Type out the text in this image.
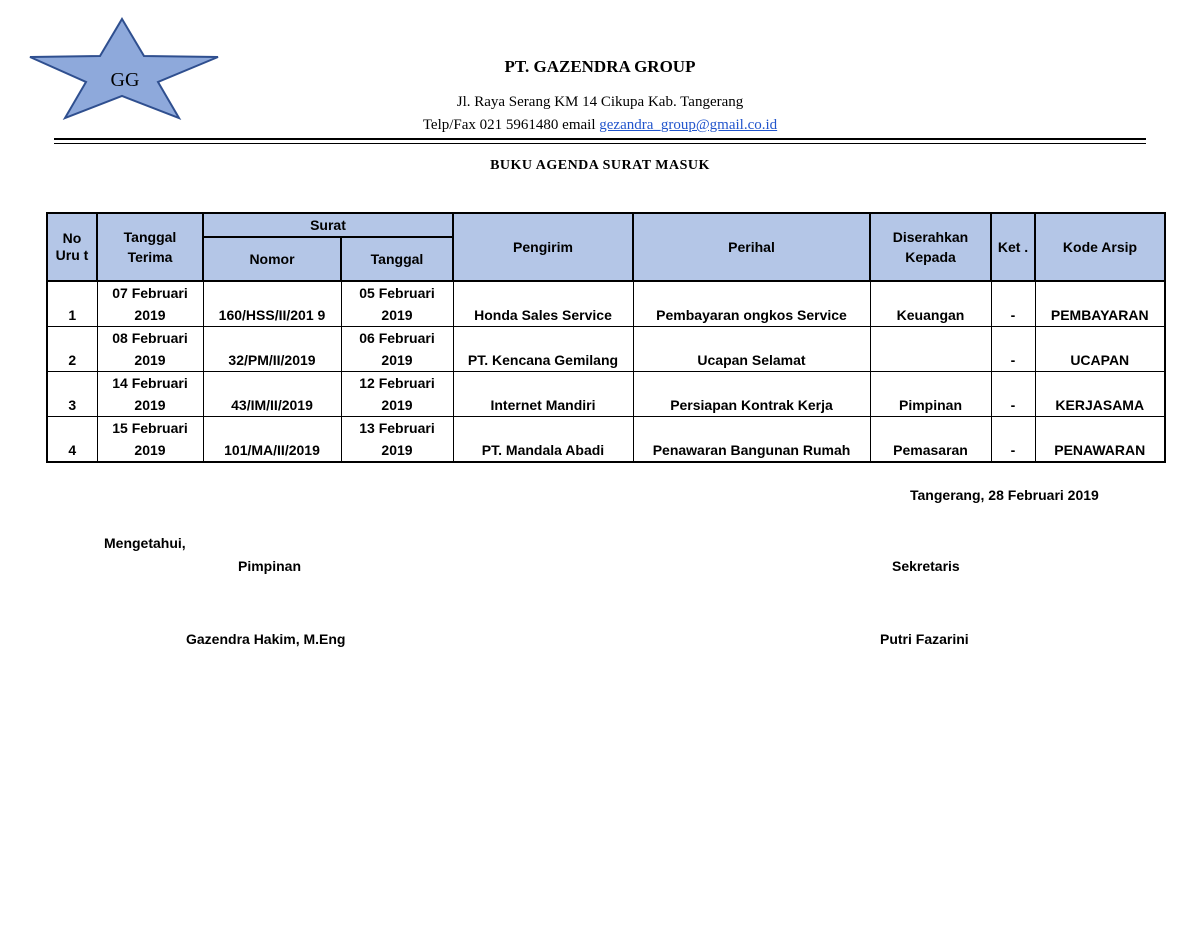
GG
PT. GAZENDRA GROUP
Jl. Raya Serang KM 14 Cikupa Kab. Tangerang
Telp/Fax 021 5961480 email gezandra_group@gmail.co.id
BUKU AGENDA SURAT MASUK
No Uru t	Tanggal Terima	Surat		Pengirim	Perihal	Diserahkan Kepada	Ket .	Kode Arsip
		Nomor	Tanggal					
1	07 Februari 2019	160/HSS/II/201 9	05 Februari 2019	Honda Sales Service	Pembayaran ongkos Service	Keuangan	-	PEMBAYARAN
2	08 Februari 2019	32/PM/II/2019	06 Februari 2019	PT. Kencana Gemilang	Ucapan Selamat		-	UCAPAN
3	14 Februari 2019	43/IM/II/2019	12 Februari 2019	Internet Mandiri	Persiapan Kontrak Kerja	Pimpinan	-	KERJASAMA
4	15 Februari 2019	101/MA/II/2019	13 Februari 2019	PT. Mandala Abadi	Penawaran Bangunan Rumah	Pemasaran	-	PENAWARAN
Tangerang, 28 Februari 2019
Mengetahui,
Pimpinan	Sekretaris
Gazendra Hakim, M.Eng	Putri Fazarini
